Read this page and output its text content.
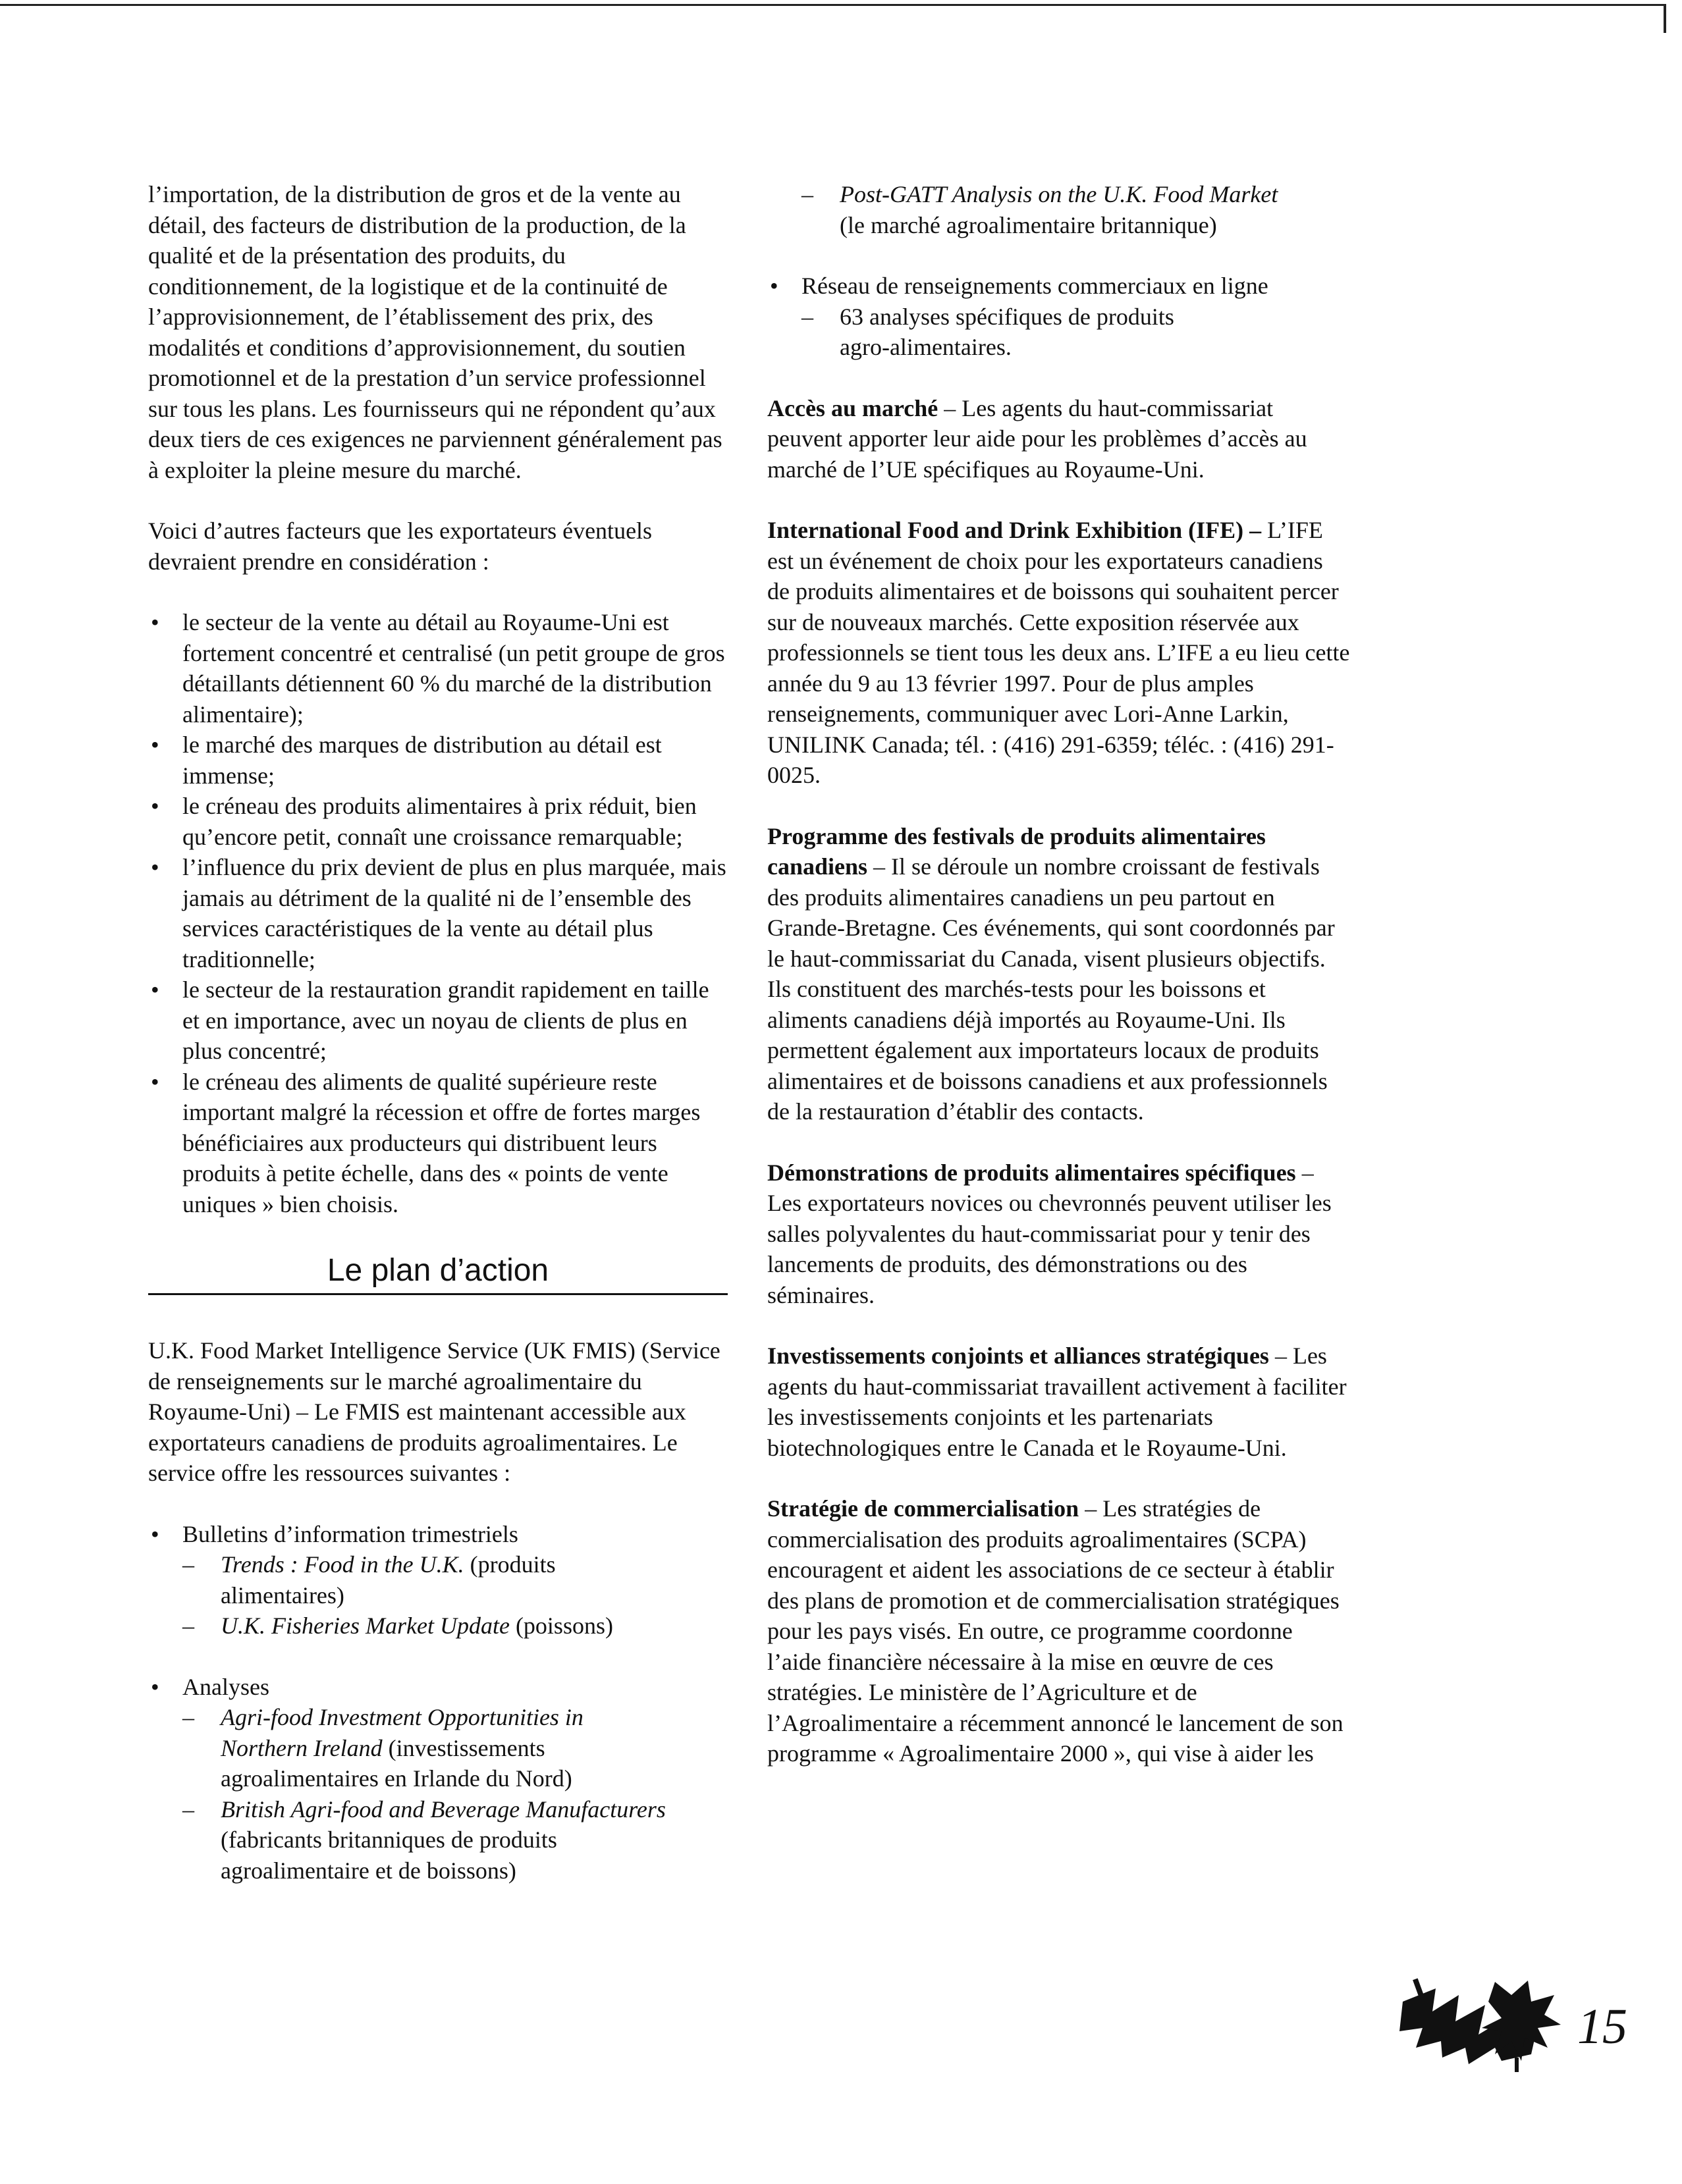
l’importation, de la distribution de gros et de la vente au détail, des facteurs de distribution de la production, de la qualité et de la présentation des produits, du conditionnement, de la logistique et de la continuité de l’approvisionnement, de l’établissement des prix, des modalités et conditions d’approvisionnement, du soutien promotionnel et de la prestation d’un service professionnel sur tous les plans. Les fournisseurs qui ne répondent qu’aux deux tiers de ces exigences ne parviennent généralement pas à exploiter la pleine mesure du marché.

Voici d’autres facteurs que les exportateurs éventuels devraient prendre en considération :

• le secteur de la vente au détail au Royaume-Uni est fortement concentré et centralisé (un petit groupe de gros détaillants détiennent 60 % du marché de la distribution alimentaire);
• le marché des marques de distribution au détail est immense;
• le créneau des produits alimentaires à prix réduit, bien qu’encore petit, connaît une croissance remarquable;
• l’influence du prix devient de plus en plus marquée, mais jamais au détriment de la qualité ni de l’ensemble des services caractéristiques de la vente au détail plus traditionnelle;
• le secteur de la restauration grandit rapidement en taille et en importance, avec un noyau de clients de plus en plus concentré;
• le créneau des aliments de qualité supérieure reste important malgré la récession et offre de fortes marges bénéficiaires aux producteurs qui distribuent leurs produits à petite échelle, dans des « points de vente uniques » bien choisis.
Le plan d’action

U.K. Food Market Intelligence Service (UK FMIS) (Service de renseignements sur le marché agroalimentaire du Royaume-Uni) – Le FMIS est maintenant accessible aux exportateurs canadiens de produits agroalimentaires. Le service offre les ressources suivantes :

• Bulletins d’information trimestriels
– Trends : Food in the U.K. (produits
alimentaires)
– U.K. Fisheries Market Update (poissons)
• Analyses
– Agri-food Investment Opportunities in
Northern Ireland (investissements
agroalimentaires en Irlande du Nord)
– British Agri-food and Beverage Manufacturers
(fabricants britanniques de produits
agroalimentaire et de boissons)
– Post-GATT Analysis on the U.K. Food Market
(le marché agroalimentaire britannique)
• Réseau de renseignements commerciaux en ligne
– 63 analyses spécifiques de produits
agro-alimentaires.

Accès au marché – Les agents du haut-commissariat peuvent apporter leur aide pour les problèmes d’accès au marché de l’UE spécifiques au Royaume-Uni.

International Food and Drink Exhibition (IFE) – L’IFE est un événement de choix pour les exportateurs canadiens de produits alimentaires et de boissons qui souhaitent percer sur de nouveaux marchés. Cette exposition réservée aux professionnels se tient tous les deux ans. L’IFE a eu lieu cette année du 9 au 13 février 1997. Pour de plus amples renseignements, communiquer avec Lori-Anne Larkin, UNILINK Canada; tél. : (416) 291-6359; téléc. : (416) 291-0025.

Programme des festivals de produits alimentaires canadiens – Il se déroule un nombre croissant de festivals des produits alimentaires canadiens un peu partout en Grande-Bretagne. Ces événements, qui sont coordonnés par le haut-commissariat du Canada, visent plusieurs objectifs. Ils constituent des marchés-tests pour les boissons et aliments canadiens déjà importés au Royaume-Uni. Ils permettent également aux importateurs locaux de produits alimentaires et de boissons canadiens et aux professionnels de la restauration d’établir des contacts.

Démonstrations de produits alimentaires spécifiques – Les exportateurs novices ou chevronnés peuvent utiliser les salles polyvalentes du haut-commissariat pour y tenir des lancements de produits, des démonstrations ou des séminaires.

Investissements conjoints et alliances stratégiques – Les agents du haut-commissariat travaillent activement à faciliter les investissements conjoints et les partenariats biotechnologiques entre le Canada et le Royaume-Uni.

Stratégie de commercialisation – Les stratégies de commercialisation des produits agroalimentaires (SCPA) encouragent et aident les associations de ce secteur à établir des plans de promotion et de commercialisation stratégiques pour les pays visés. En outre, ce programme coordonne l’aide financière nécessaire à la mise en œuvre de ces stratégies. Le ministère de l’Agriculture et de l’Agroalimentaire a récemment annoncé le lancement de son programme « Agroalimentaire 2000 », qui vise à aider les

15
